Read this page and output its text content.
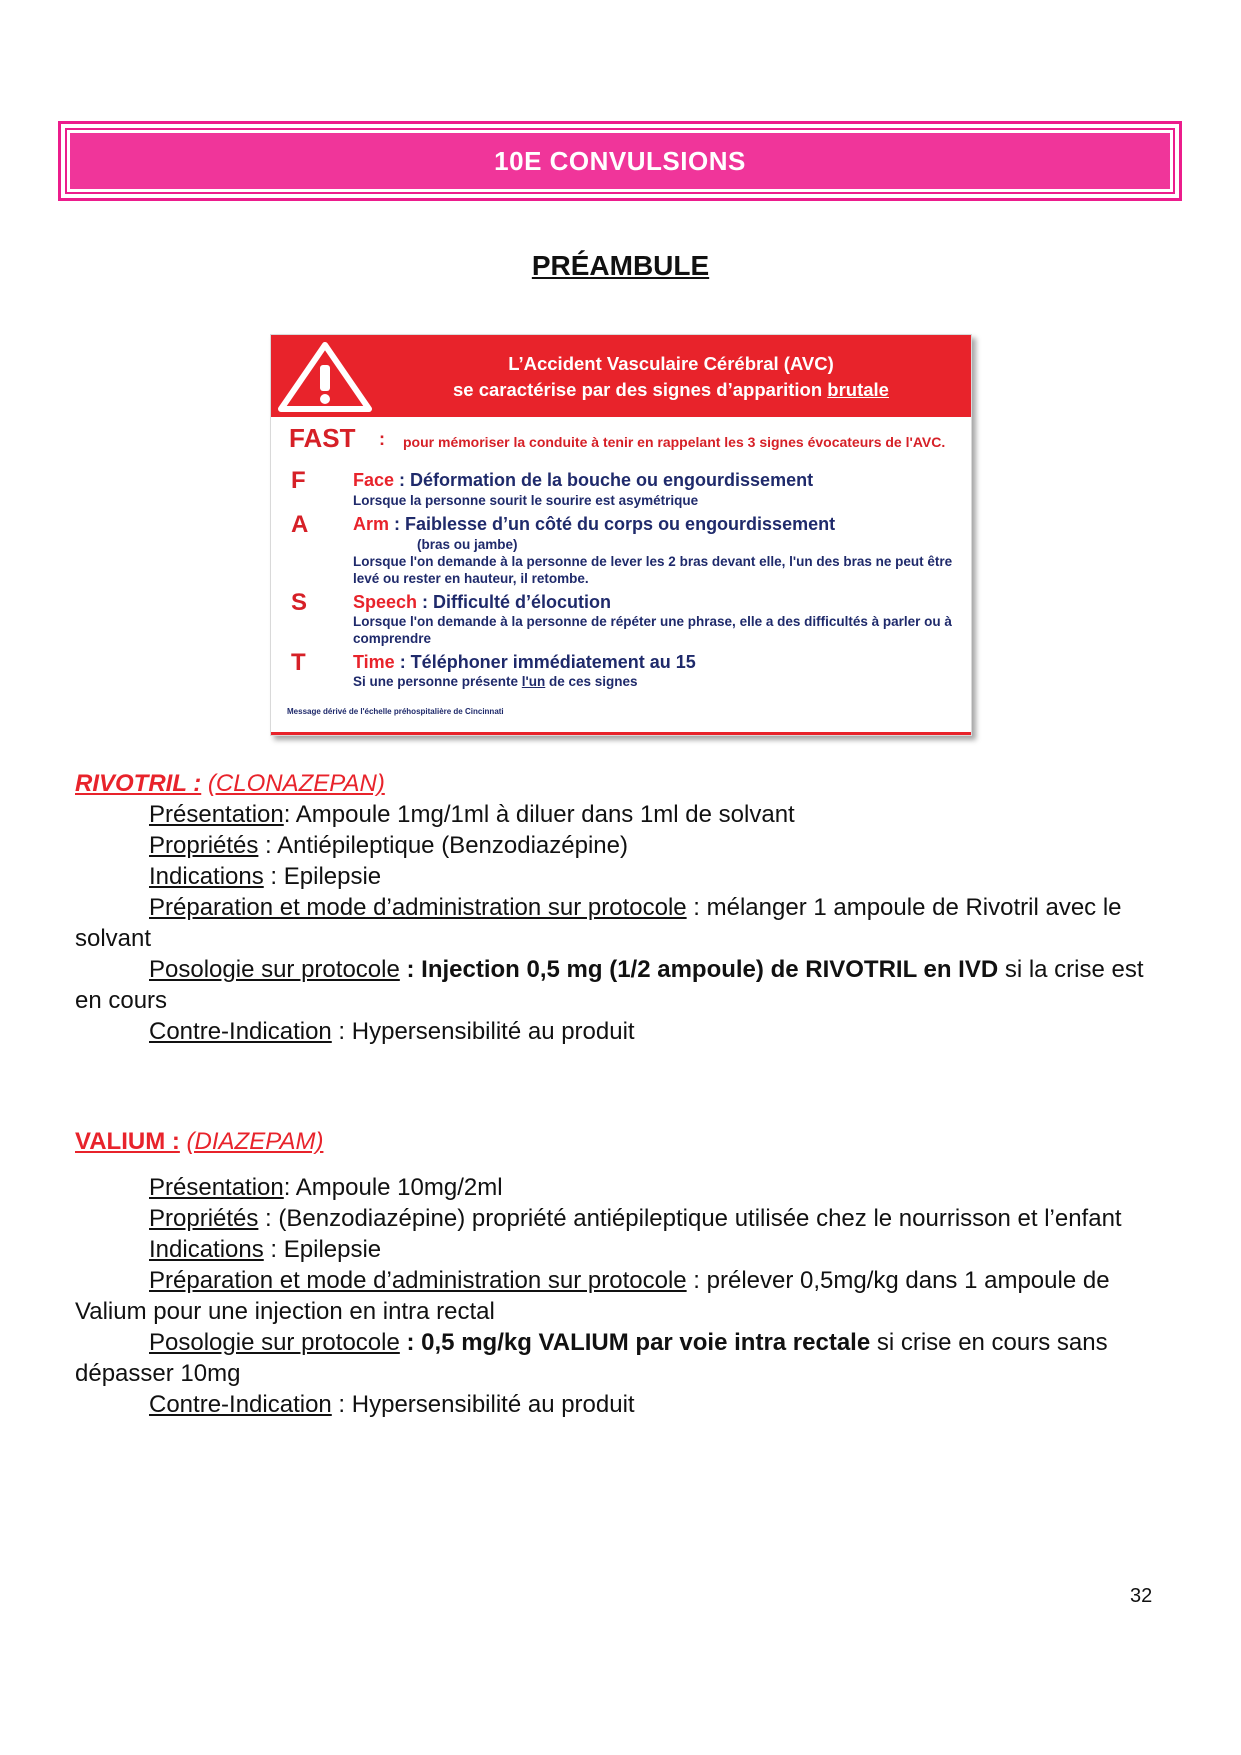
10E CONVULSIONS
PRÉAMBULE
L’Accident Vasculaire Cérébral (AVC)
se caractérise par des signes d’apparition brutale
FAST : pour mémoriser la conduite à tenir en rappelant les 3 signes évocateurs de l'AVC.
F	Face : Déformation de la bouche ou engourdissement
Lorsque la personne sourit le sourire est asymétrique
A Arm : Faiblesse d’un côté du corps ou engourdissement
(bras ou jambe)
Lorsque l'on demande à la personne de lever les 2 bras devant elle, l'un des bras ne peut être levé ou rester en hauteur, il retombe.
S	Speech : Difficulté d’élocution
Lorsque l'on demande à la personne de répéter une phrase, elle a des difficultés à parler ou à comprendre
T	Time : Téléphoner immédiatement au 15
Si une personne présente l'un de ces signes
Message dérivé de l'échelle préhospitalière de Cincinnati
RIVOTRIL : (CLONAZEPAN)

Présentation: Ampoule 1mg/1ml à diluer dans 1ml de solvant

Propriétés : Antiépileptique (Benzodiazépine)

Indications : Epilepsie

Préparation et mode d’administration sur protocole : mélanger 1 ampoule de Rivotril avec le solvant

Posologie sur protocole : Injection 0,5 mg (1/2 ampoule) de RIVOTRIL en IVD si la crise est en cours

Contre-Indication : Hypersensibilité au produit

VALIUM : (DIAZEPAM)

Présentation: Ampoule 10mg/2ml

Propriétés : (Benzodiazépine) propriété antiépileptique utilisée chez le nourrisson et l’enfant

Indications : Epilepsie

Préparation et mode d’administration sur protocole : prélever 0,5mg/kg dans 1 ampoule de Valium pour une injection en intra rectal

Posologie sur protocole : 0,5 mg/kg VALIUM par voie intra rectale si crise en cours sans dépasser 10mg

Contre-Indication : Hypersensibilité au produit

32
